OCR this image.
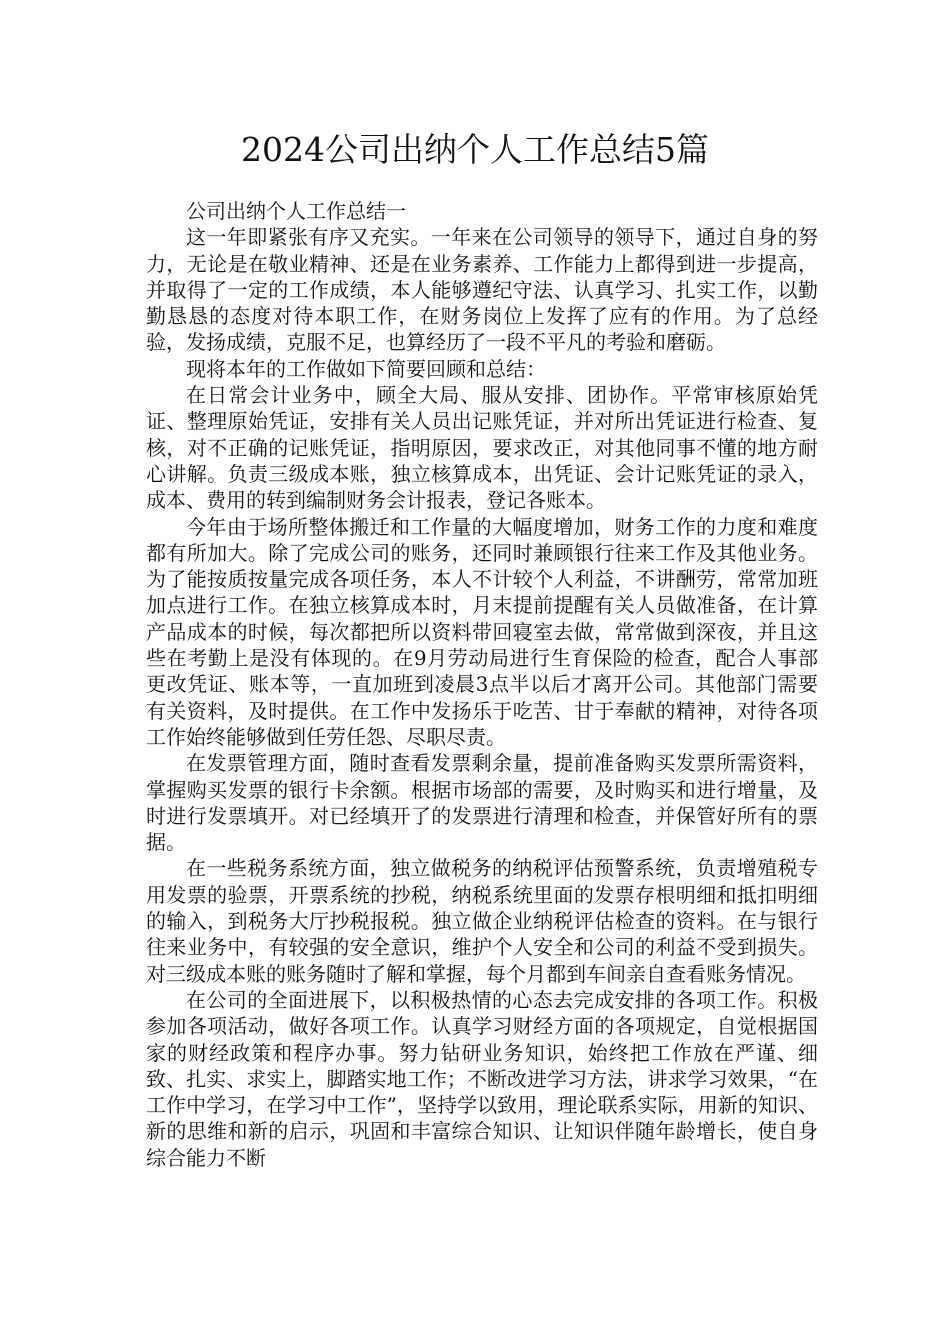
2024公司出纳个人工作总结5篇

公司出纳个人工作总结一

这一年即紧张有序又充实。一年来在公司领导的领导下，通过自身的努力，无论是在敬业精神、还是在业务素养、工作能力上都得到进一步提高，并取得了一定的工作成绩，本人能够遵纪守法、认真学习、扎实工作，以勤勤恳恳的态度对待本职工作，在财务岗位上发挥了应有的作用。为了总经验，发扬成绩，克服不足，也算经历了一段不平凡的考验和磨砺。

现将本年的工作做如下简要回顾和总结：

在日常会计业务中，顾全大局、服从安排、团协作。平常审核原始凭证、整理原始凭证，安排有关人员出记账凭证，并对所出凭证进行检查、复核，对不正确的记账凭证，指明原因，要求改正，对其他同事不懂的地方耐心讲解。负责三级成本账，独立核算成本，出凭证、会计记账凭证的录入，成本、费用的转到编制财务会计报表，登记各账本。

今年由于场所整体搬迁和工作量的大幅度增加，财务工作的力度和难度都有所加大。除了完成公司的账务，还同时兼顾银行往来工作及其他业务。为了能按质按量完成各项任务，本人不计较个人利益，不讲酬劳，常常加班加点进行工作。在独立核算成本时，月末提前提醒有关人员做准备，在计算产品成本的时候，每次都把所以资料带回寝室去做，常常做到深夜，并且这些在考勤上是没有体现的。在9月劳动局进行生育保险的检查，配合人事部更改凭证、账本等，一直加班到凌晨3点半以后才离开公司。其他部门需要有关资料，及时提供。在工作中发扬乐于吃苦、甘于奉献的精神，对待各项工作始终能够做到任劳任怨、尽职尽责。

在发票管理方面，随时查看发票剩余量，提前准备购买发票所需资料，掌握购买发票的银行卡余额。根据市场部的需要，及时购买和进行增量，及时进行发票填开。对已经填开了的发票进行清理和检查，并保管好所有的票据。

在一些税务系统方面，独立做税务的纳税评估预警系统，负责增殖税专用发票的验票，开票系统的抄税，纳税系统里面的发票存根明细和抵扣明细的输入，到税务大厅抄税报税。独立做企业纳税评估检查的资料。在与银行往来业务中，有较强的安全意识，维护个人安全和公司的利益不受到损失。对三级成本账的账务随时了解和掌握，每个月都到车间亲自查看账务情况。

在公司的全面进展下，以积极热情的心态去完成安排的各项工作。积极参加各项活动，做好各项工作。认真学习财经方面的各项规定，自觉根据国家的财经政策和程序办事。努力钻研业务知识，始终把工作放在严谨、细致、扎实、求实上，脚踏实地工作；不断改进学习方法，讲求学习效果，“在工作中学习，在学习中工作”，坚持学以致用，理论联系实际，用新的知识、新的思维和新的启示，巩固和丰富综合知识、让知识伴随年龄增长，使自身综合能力不断
